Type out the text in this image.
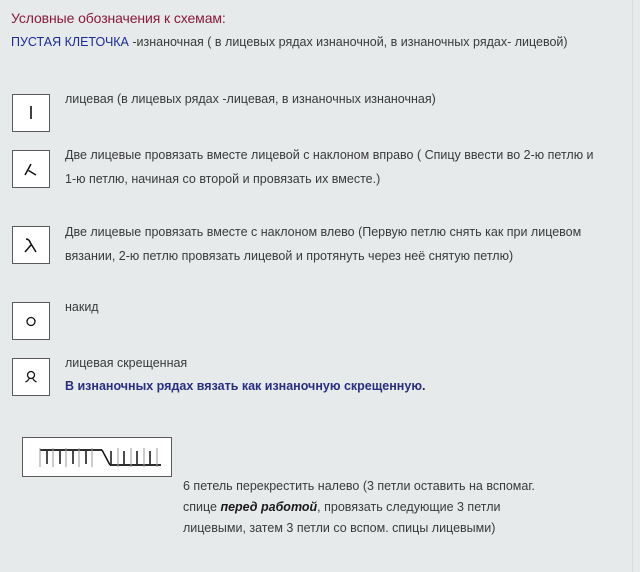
Условные обозначения к схемам:
ПУСТАЯ КЛЕТОЧКА -изнаночная ( в лицевых рядах изнаночной, в изнаночных рядах- лицевой)
лицевая (в лицевых рядах -лицевая, в изнаночных изнаночная)
Две лицевые провязать вместе лицевой с наклоном вправо ( Спицу ввести во 2-ю петлю и
1-ю петлю, начиная со второй и провязать их вместе.)
Две лицевые провязать вместе с наклоном влево (Первую петлю снять как при лицевом
вязании, 2-ю петлю провязать лицевой и протянуть через неё снятую петлю)
накид
лицевая скрещенная
В изнаночных рядах вязать как изнаночную скрещенную.
6 петель перекрестить налево (3 петли оставить на вспомаг. спице перед работой, провязать следующие 3 петли лицевыми, затем 3 петли со вспом. спицы лицевыми)
